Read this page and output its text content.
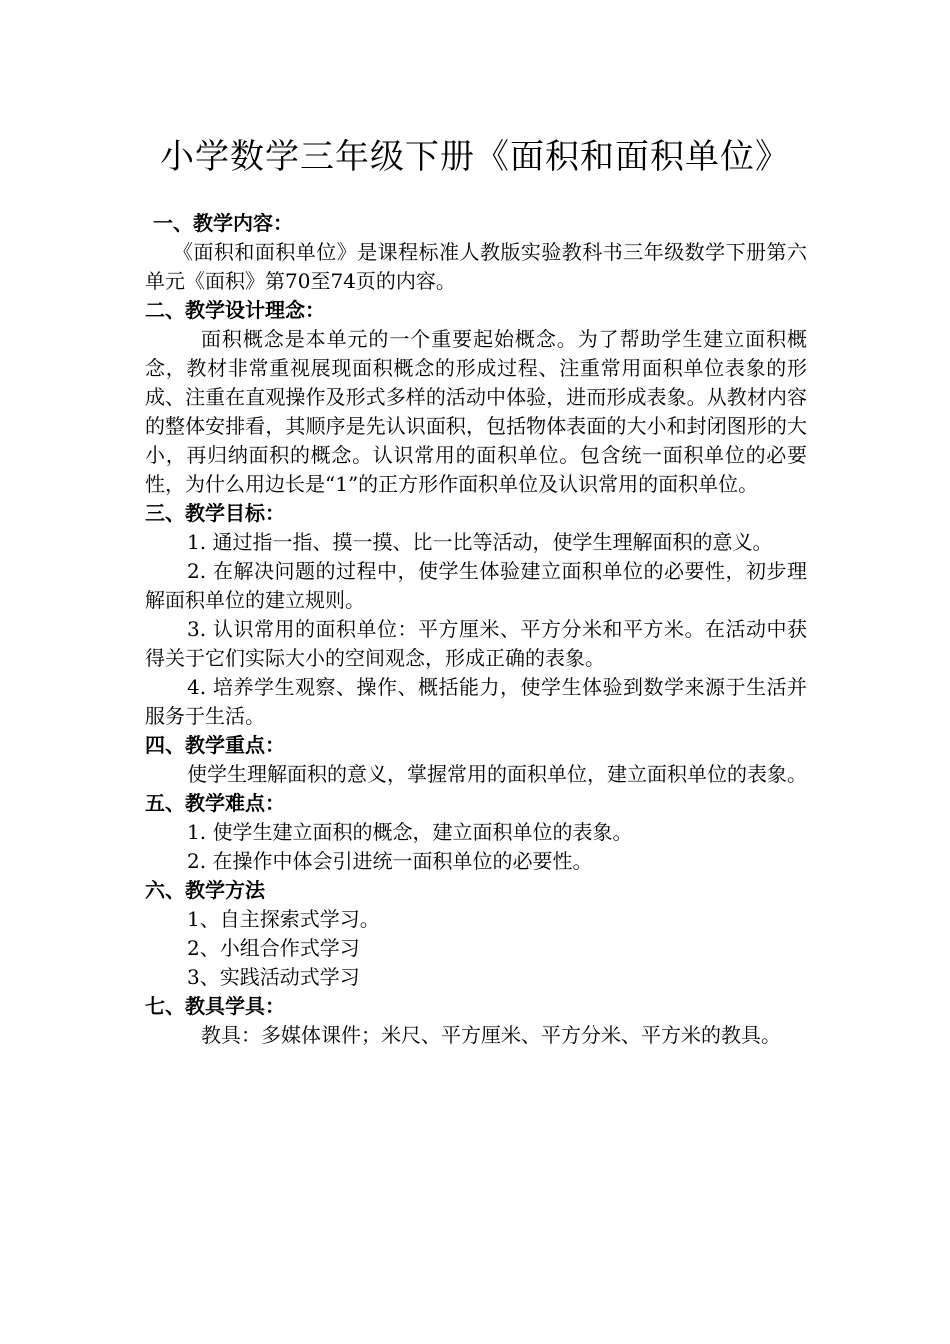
小学数学三年级下册《面积和面积单位》
一、教学内容：

《面积和面积单位》是课程标准人教版实验教科书三年级数学下册第六单元《面积》第70至74页的内容。

二、教学设计理念：

面积概念是本单元的一个重要起始概念。为了帮助学生建立面积概念，教材非常重视展现面积概念的形成过程、注重常用面积单位表象的形成、注重在直观操作及形式多样的活动中体验，进而形成表象。从教材内容的整体安排看，其顺序是先认识面积，包括物体表面的大小和封闭图形的大小，再归纳面积的概念。认识常用的面积单位。包含统一面积单位的必要性，为什么用边长是“1”的正方形作面积单位及认识常用的面积单位。

三、教学目标：

1. 通过指一指、摸一摸、比一比等活动，使学生理解面积的意义。

2. 在解决问题的过程中，使学生体验建立面积单位的必要性，初步理解面积单位的建立规则。

3. 认识常用的面积单位：平方厘米、平方分米和平方米。在活动中获得关于它们实际大小的空间观念，形成正确的表象。

4. 培养学生观察、操作、概括能力，使学生体验到数学来源于生活并服务于生活。

四、教学重点：

使学生理解面积的意义，掌握常用的面积单位，建立面积单位的表象。

五、教学难点：

1. 使学生建立面积的概念，建立面积单位的表象。

2. 在操作中体会引进统一面积单位的必要性。

六、教学方法

1、自主探索式学习。

2、小组合作式学习

3、实践活动式学习

七、教具学具：

教具：多媒体课件；米尺、平方厘米、平方分米、平方米的教具。
